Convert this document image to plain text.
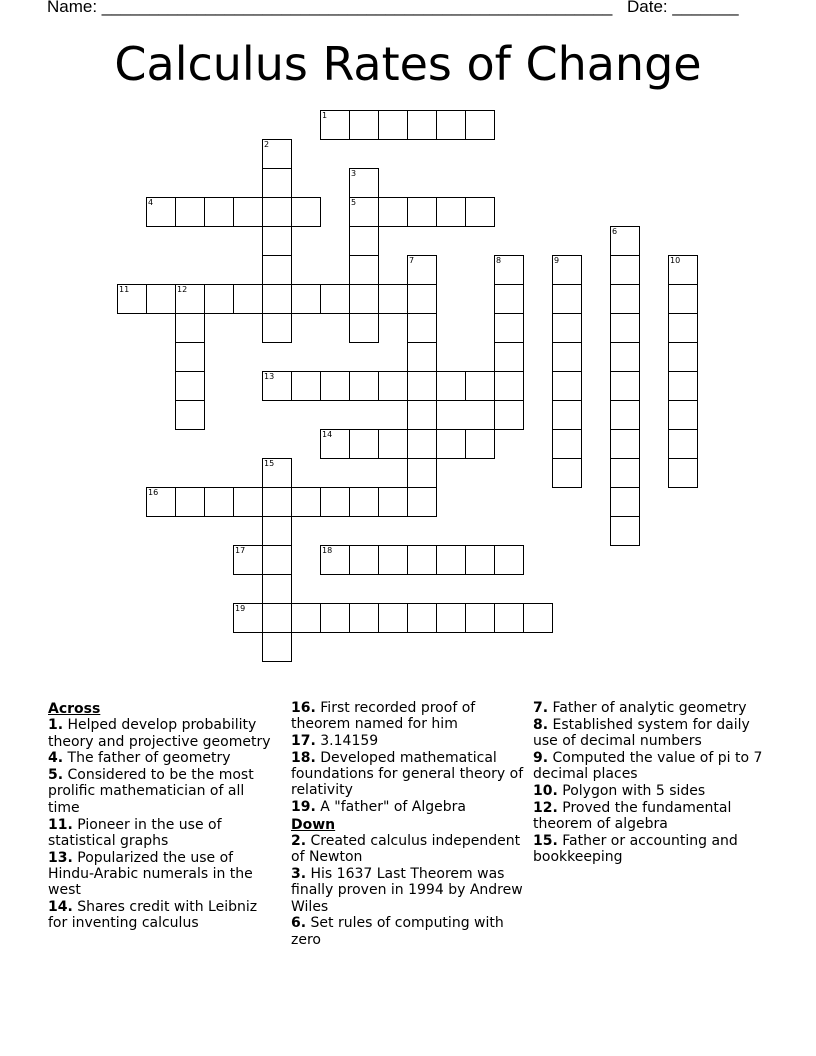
Name: ______________________________________________________ Date: _______
Calculus Rates of Change
1
2
3
5
4
6
7	8	9	10
11	12
13
14
15
16
17	18
19
Across
1. Helped develop probability theory and projective geometry
4. The father of geometry
5. Considered to be the most prolific mathematician of all time
11. Pioneer in the use of statistical graphs
13. Popularized the use of Hindu-Arabic numerals in the west
14. Shares credit with Leibniz for inventing calculus
16. First recorded proof of theorem named for him
17. 3.14159
18. Developed mathematical foundations for general theory of relativity
19. A "father" of Algebra
Down
2. Created calculus independent of Newton
3. His 1637 Last Theorem was finally proven in 1994 by Andrew Wiles
6. Set rules of computing with zero
7. Father of analytic geometry
8. Established system for daily use of decimal numbers
9. Computed the value of pi to 7 decimal places
10. Polygon with 5 sides
12. Proved the fundamental theorem of algebra
15. Father or accounting and bookkeeping
